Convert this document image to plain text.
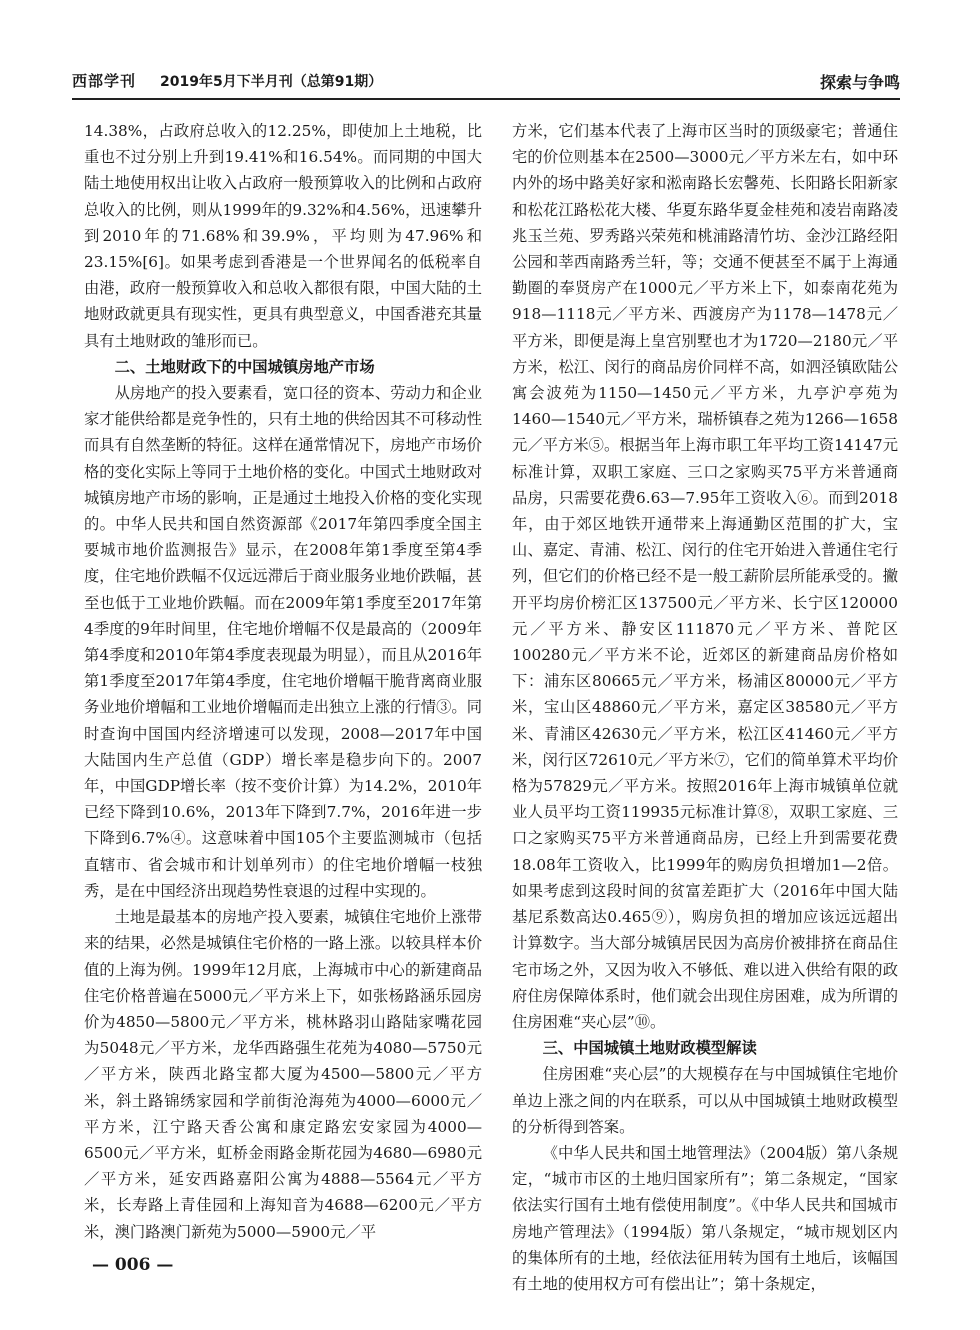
西部学刊 2019年5月下半月刊（总第91期）	探索与争鸣

14.38%，占政府总收入的12.25%，即使加上土地税，比重也不过分别上升到19.41%和16.54%。而同期的中国大陆土地使用权出让收入占政府一般预算收入的比例和占政府总收入的比例，则从1999年的9.32%和4.56%，迅速攀升到2010年的71.68%和39.9%，平均则为47.96%和23.15%[6]。如果考虑到香港是一个世界闻名的低税率自由港，政府一般预算收入和总收入都很有限，中国大陆的土地财政就更具有现实性，更具有典型意义，中国香港充其量具有土地财政的雏形而已。

二、土地财政下的中国城镇房地产市场

从房地产的投入要素看，宽口径的资本、劳动力和企业家才能供给都是竞争性的，只有土地的供给因其不可移动性而具有自然垄断的特征。这样在通常情况下，房地产市场价格的变化实际上等同于土地价格的变化。中国式土地财政对城镇房地产市场的影响，正是通过土地投入价格的变化实现的。中华人民共和国自然资源部《2017年第四季度全国主要城市地价监测报告》显示，在2008年第1季度至第4季度，住宅地价跌幅不仅远远滞后于商业服务业地价跌幅，甚至也低于工业地价跌幅。而在2009年第1季度至2017年第4季度的9年时间里，住宅地价增幅不仅是最高的（2009年第4季度和2010年第4季度表现最为明显），而且从2016年第1季度至2017年第4季度，住宅地价增幅干脆背离商业服务业地价增幅和工业地价增幅而走出独立上涨的行情③。同时查询中国国内经济增速可以发现，2008—2017年中国大陆国内生产总值（GDP）增长率是稳步向下的。2007年，中国GDP增长率（按不变价计算）为14.2%，2010年已经下降到10.6%，2013年下降到7.7%，2016年进一步下降到6.7%④。这意味着中国105个主要监测城市（包括直辖市、省会城市和计划单列市）的住宅地价增幅一枝独秀，是在中国经济出现趋势性衰退的过程中实现的。

土地是最基本的房地产投入要素，城镇住宅地价上涨带来的结果，必然是城镇住宅价格的一路上涨。以较具样本价值的上海为例。1999年12月底，上海城市中心的新建商品住宅价格普遍在5000元／平方米上下，如张杨路涵乐园房价为4850—5800元／平方米，桃林路羽山路陆家嘴花园为5048元／平方米，龙华西路强生花苑为4080—5750元／平方米，陕西北路宝都大厦为4500—5800元／平方米，斜土路锦绣家园和学前街沧海苑为4000—6000元／平方米，江宁路天香公寓和康定路宏安家园为4000—6500元／平方米，虹桥金雨路金斯花园为4680—6980元／平方米，延安西路嘉阳公寓为4888—5564元／平方米，长寿路上青佳园和上海知音为4688—6200元／平方米，澳门路澳门新苑为5000—5900元／平

方米，它们基本代表了上海市区当时的顶级豪宅；普通住宅的价位则基本在2500—3000元／平方米左右，如中环内外的场中路美好家和淞南路长宏馨苑、长阳路长阳新家和松花江路松花大楼、华夏东路华夏金桂苑和凌岩南路凌兆玉兰苑、罗秀路兴荣苑和桃浦路清竹坊、金沙江路经阳公园和莘西南路秀兰轩，等；交通不便甚至不属于上海通勤圈的奉贤房产在1000元／平方米上下，如泰南花苑为918—1118元／平方米、西渡房产为1178—1478元／平方米，即便是海上皇宫别墅也才为1720—2180元／平方米，松江、闵行的商品房价同样不高，如泗泾镇欧陆公寓会波苑为1150—1450元／平方米，九亭沪亭苑为1460—1540元／平方米，瑞桥镇春之苑为1266—1658元／平方米⑤。根据当年上海市职工年平均工资14147元标准计算，双职工家庭、三口之家购买75平方米普通商品房，只需要花费6.63—7.95年工资收入⑥。而到2018年，由于郊区地铁开通带来上海通勤区范围的扩大，宝山、嘉定、青浦、松江、闵行的住宅开始进入普通住宅行列，但它们的价格已经不是一般工薪阶层所能承受的。撇开平均房价榜汇区137500元／平方米、长宁区120000元／平方米、静安区111870元／平方米、普陀区100280元／平方米不论，近郊区的新建商品房价格如下：浦东区80665元／平方米，杨浦区80000元／平方米，宝山区48860元／平方米，嘉定区38580元／平方米、青浦区42630元／平方米，松江区41460元／平方米，闵行区72610元／平方米⑦，它们的简单算术平均价格为57829元／平方米。按照2016年上海市城镇单位就业人员平均工资119935元标准计算⑧，双职工家庭、三口之家购买75平方米普通商品房，已经上升到需要花费18.08年工资收入，比1999年的购房负担增加1—2倍。如果考虑到这段时间的贫富差距扩大（2016年中国大陆基尼系数高达0.465⑨），购房负担的增加应该远远超出计算数字。当大部分城镇居民因为高房价被排挤在商品住宅市场之外，又因为收入不够低、难以进入供给有限的政府住房保障体系时，他们就会出现住房困难，成为所谓的住房困难“夹心层”⑩。

三、中国城镇土地财政模型解读

住房困难“夹心层”的大规模存在与中国城镇住宅地价单边上涨之间的内在联系，可以从中国城镇土地财政模型的分析得到答案。

《中华人民共和国土地管理法》（2004版）第八条规定，“城市市区的土地归国家所有”；第二条规定，“国家依法实行国有土地有偿使用制度”。《中华人民共和国城市房地产管理法》（1994版）第八条规定，“城市规划区内的集体所有的土地，经依法征用转为国有土地后，该幅国有土地的使用权方可有偿出让”；第十条规定，

— 006 —
